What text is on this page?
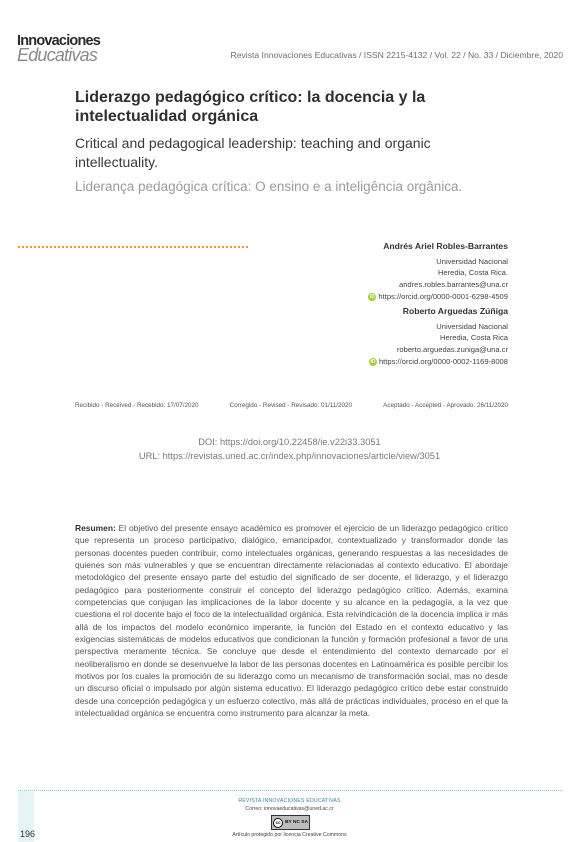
Innovaciones
Educativas	Revista Innovaciones Educativas / ISSN 2215-4132 / Vol. 22 / No. 33 / Diciembre, 2020
Liderazgo pedagógico crítico: la docencia y la intelectualidad orgánica
Critical and pedagogical leadership: teaching and organic intellectuality.
Liderança pedagógica crítica: O ensino e a inteligência orgânica.
Andrés Ariel Robles-Barrantes
Universidad Nacional
Heredia, Costa Rica.
andres.robles.barrantes@una.cr
iD https://orcid.org/0000-0001-6298-4509
Roberto Arguedas Zúñiga
Universidad Nacional
Heredia, Costa Rica
roberto.arguedas.zuniga@una.cr
iD https://orcid.org/0000-0002-1169-8008
Recibido - Received - Recebido: 17/07/2020	Corregido - Revised - Revisado: 01/11/2020	Aceptado - Accepted - Aprovado: 26/11/2020
DOI: https://doi.org/10.22458/ie.v22i33.3051
URL: https://revistas.uned.ac.cr/index.php/innovaciones/article/view/3051
Resumen: El objetivo del presente ensayo académico es promover el ejercicio de un liderazgo pedagógico crítico que representa un proceso participativo, dialógico, emancipador, contextualizado y transformador donde las personas docentes pueden contribuir, como intelectuales orgánicas, generando respuestas a las necesidades de quienes son más vulnerables y que se encuentran directamente relacionadas al contexto educativo. El abordaje metodológico del presente ensayo parte del estudio del significado de ser docente, el liderazgo, y el liderazgo pedagógico para posteriormente construir el concepto del liderazgo pedagógico crítico. Además, examina competencias que conjugan las implicaciones de la labor docente y su alcance en la pedagogía, a la vez que cuestiona el rol docente bajo el foco de la intelectualidad orgánica. Esta reivindicación de la docencia implica ir más allá de los impactos del modelo económico imperante, la función del Estado en el contexto educativo y las exigencias sistemáticas de modelos educativos que condicionan la función y formación profesional a favor de una perspectiva meramente técnica. Se concluye que desde el entendimiento del contexto demarcado por el neoliberalismo en donde se desenvuelve la labor de las personas docentes en Latinoamérica es posible percibir los motivos por los cuales la promoción de su liderazgo como un mecanismo de transformación social, mas no desde un discurso oficial o impulsado por algún sistema educativo. El liderazgo pedagógico crítico debe estar construido desde una concepción pedagógica y un esfuerzo colectivo, más allá de prácticas individuales, proceso en el que la intelectualidad orgánica se encuentra como instrumento para alcanzar la meta.
196
REVISTA INNOVACIONES EDUCATIVAS
Correo: innovaeducativas@uned.ac.cr
cc BY NC SA
Artículo protegido por licencia Creative Commons
